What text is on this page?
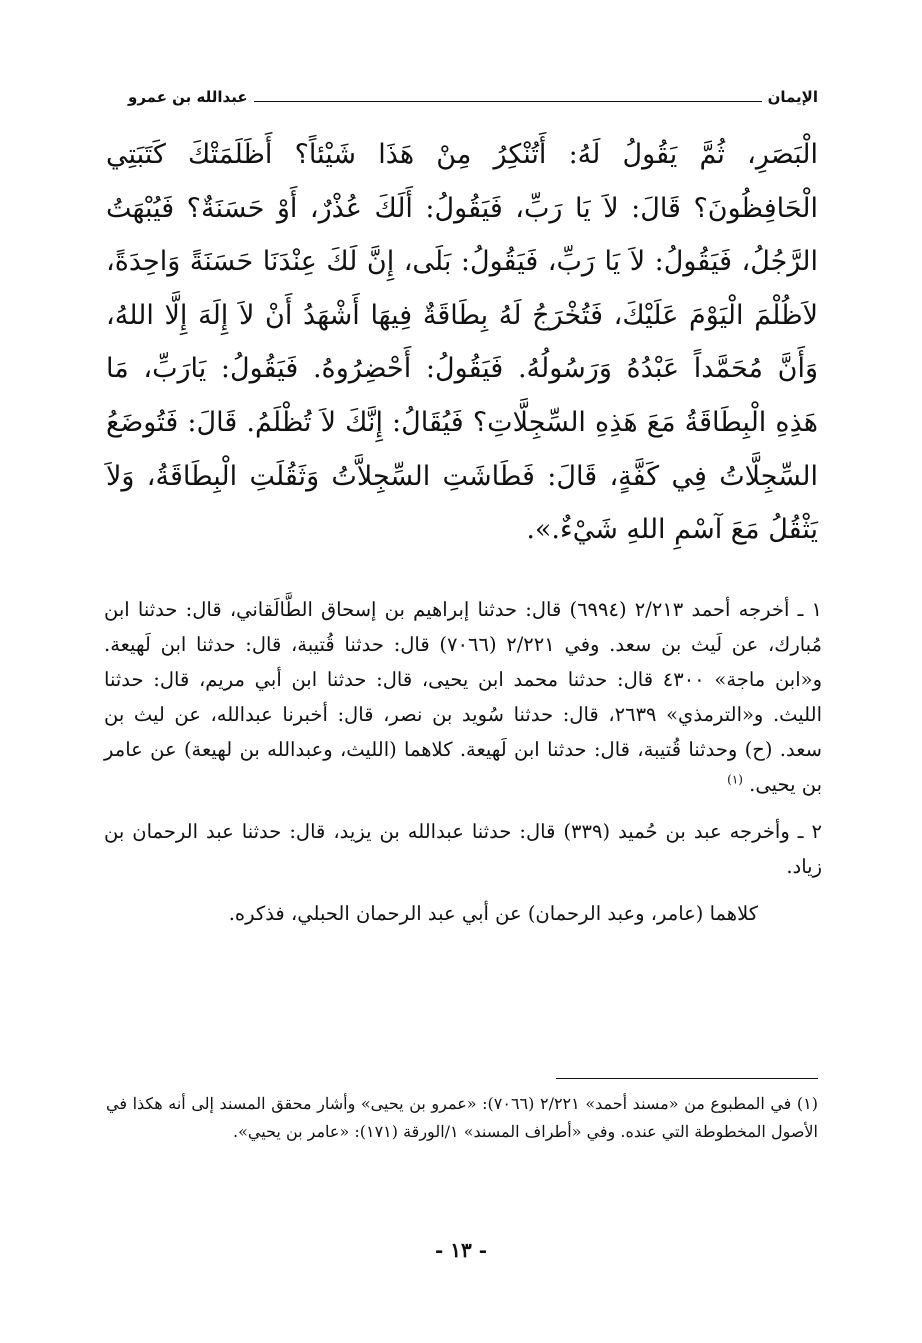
الإيمان
عبدالله بن عمرو

الْبَصَرِ، ثُمَّ يَقُولُ لَهُ: أَتُنْكِرُ مِنْ هَذَا شَيْئاً؟ أَظَلَمَتْكَ كَتَبَتِي الْحَافِظُونَ؟ قَالَ: لاَ يَا رَبِّ، فَيَقُولُ: أَلَكَ عُذْرٌ، أَوْ حَسَنَةٌ؟ فَيُبْهَتُ الرَّجُلُ، فَيَقُولُ: لاَ يَا رَبِّ، فَيَقُولُ: بَلَى، إِنَّ لَكَ عِنْدَنَا حَسَنَةً وَاحِدَةً، لاَظُلْمَ الْيَوْمَ عَلَيْكَ، فَتُخْرَجُ لَهُ بِطَاقَةٌ فِيهَا أَشْهَدُ أَنْ لاَ إِلَهَ إِلَّا اللهُ، وَأَنَّ مُحَمَّداً عَبْدُهُ وَرَسُولُهُ. فَيَقُولُ: أَحْضِرُوهُ. فَيَقُولُ: يَارَبِّ، مَا هَذِهِ الْبِطَاقَةُ مَعَ هَذِهِ السِّجِلَّاتِ؟ فَيُقَالُ: إِنَّكَ لاَ تُظْلَمُ. قَالَ: فَتُوضَعُ السِّجِلَّاتُ فِي كَفَّةٍ، قَالَ: فَطَاشَتِ السِّجِلاَّتُ وَثَقُلَتِ الْبِطَاقَةُ، وَلاَ يَثْقُلُ مَعَ آسْمِ اللهِ شَيْءٌ.».

١ ـ أخرجه أحمد ٢/٢١٣ (٦٩٩٤) قال: حدثنا إبراهيم بن إسحاق الطَّالَقاني، قال: حدثنا ابن مُبارك، عن لَيث بن سعد. وفي ٢/٢٢١ (٧٠٦٦) قال: حدثنا قُتيبة، قال: حدثنا ابن لَهيعة. و«ابن ماجة» ٤٣٠٠ قال: حدثنا محمد ابن يحيى، قال: حدثنا ابن أبي مريم، قال: حدثنا الليث. و«الترمذي» ٢٦٣٩، قال: حدثنا سُويد بن نصر، قال: أخبرنا عبدالله، عن ليث بن سعد. (ح) وحدثنا قُتيبة، قال: حدثنا ابن لَهيعة. كلاهما (الليث، وعبدالله بن لهيعة) عن عامر بن يحيى. $^{(١)}$

٢ ـ وأخرجه عبد بن حُميد (٣٣٩) قال: حدثنا عبدالله بن يزيد، قال: حدثنا عبد الرحمان بن زياد.

كلاهما (عامر، وعبد الرحمان) عن أبي عبد الرحمان الحبلي، فذكره.

(١) في المطبوع من «مسند أحمد» ٢/٢٢١ (٧٠٦٦): «عمرو بن يحيى» وأشار محقق المسند إلى أنه هكذا في الأصول المخطوطة التي عنده. وفي «أطراف المسند» ١/الورقة (١٧١): «عامر بن يحيي».

- ١٣ -
